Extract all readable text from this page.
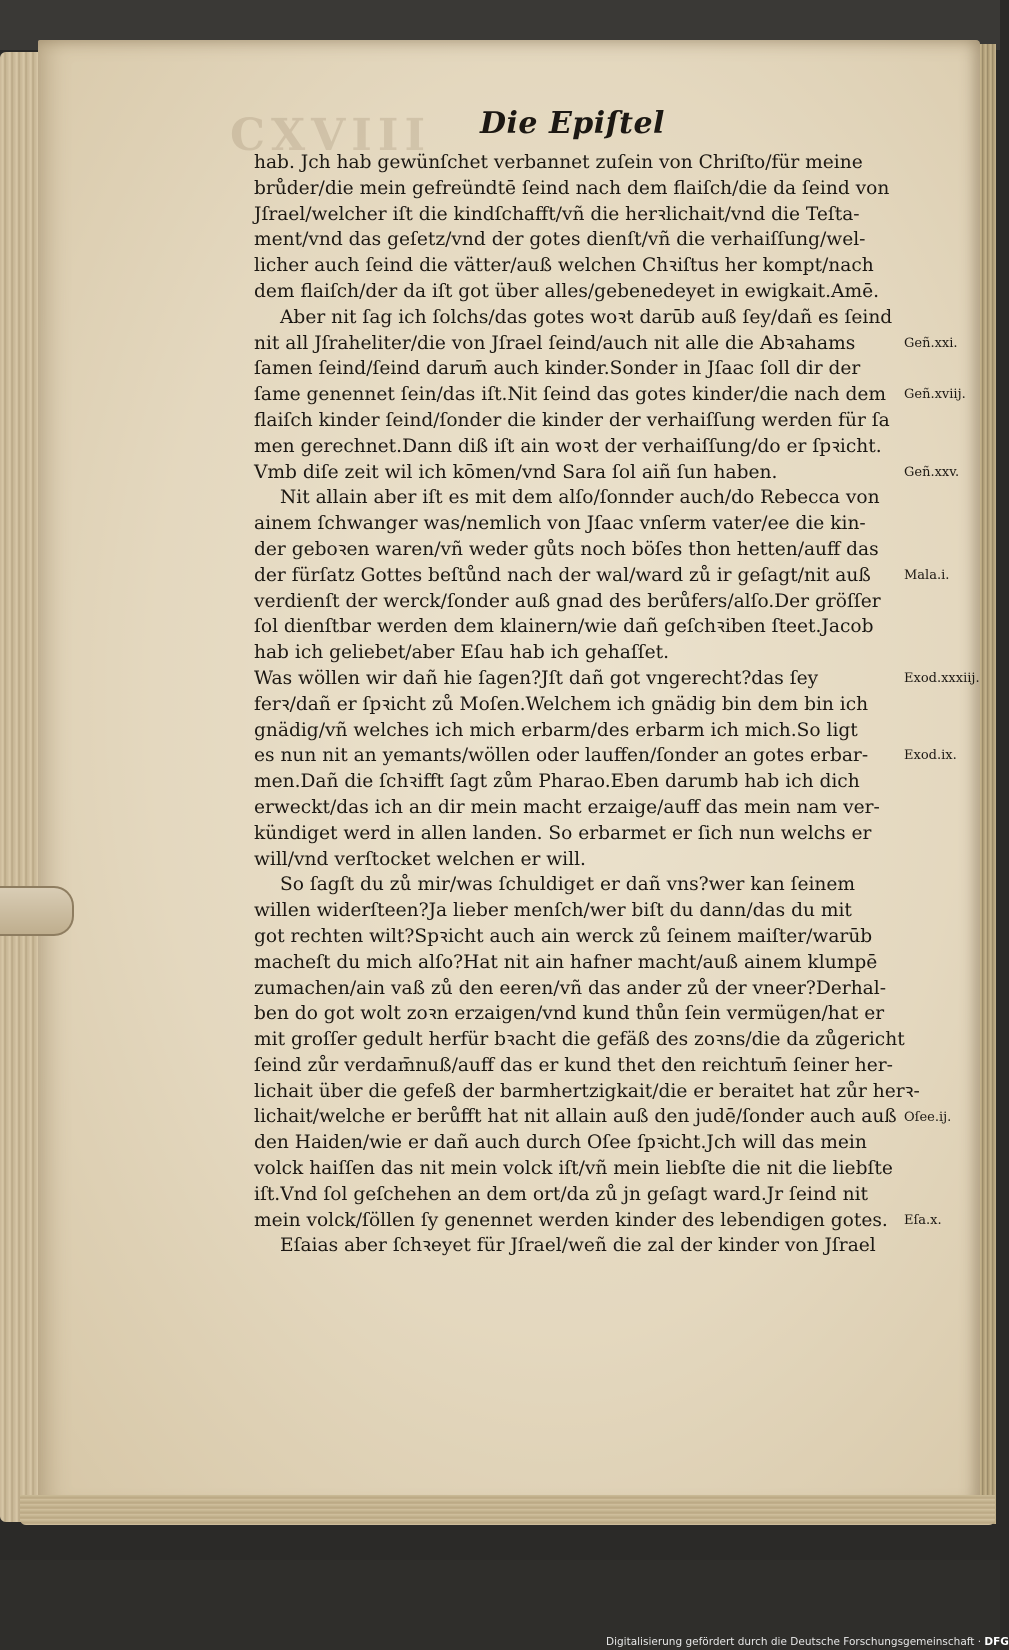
CXVIII	Die Epiſtel
hab. Jch hab gewünſchet verbannet zuſein von Chriſto/für meine
brůder/die mein gefreündtē ſeind nach dem flaiſch/die da ſeind von
Jſrael/welcher iſt die kindſchafft/vñ die herꝛlichait/vnd die Teſta-
ment/vnd das geſetz/vnd der gotes dienſt/vñ die verhaiſſung/wel-
licher auch ſeind die vätter/auß welchen Chꝛiſtus her kompt/nach
dem flaiſch/der da iſt got über alles/gebenedeyet in ewigkait.Amē.
Aber nit ſag ich ſolchs/das gotes woꝛt darūb auß ſey/dañ es ſeind
nit all Jſraheliter/die von Jſrael ſeind/auch nit alle die Abꝛahams
ſamen ſeind/ſeind darum̄ auch kinder.Sonder in Jſaac ſoll dir der
ſame genennet ſein/das iſt.Nit ſeind das gotes kinder/die nach dem
flaiſch kinder ſeind/ſonder die kinder der verhaiſſung werden für ſa
men gerechnet.Dann diß iſt ain woꝛt der verhaiſſung/do er ſpꝛicht.
Vmb diſe zeit wil ich kōmen/vnd Sara ſol aiñ ſun haben.
Nit allain aber iſt es mit dem alſo/ſonnder auch/do Rebecca von
ainem ſchwanger was/nemlich von Jſaac vnſerm vater/ee die kin-
der geboꝛen waren/vñ weder gůts noch böſes thon hetten/auff das
der fürſatz Gottes beſtůnd nach der wal/ward zů ir geſagt/nit auß
verdienſt der werck/ſonder auß gnad des berůfers/alſo.Der gröſſer
ſol dienſtbar werden dem klainern/wie dañ geſchꝛiben ſteet.Jacob
hab ich geliebet/aber Eſau hab ich gehaſſet.
Was wöllen wir dañ hie ſagen?Jſt dañ got vngerecht?das ſey
ferꝛ/dañ er ſpꝛicht zů Moſen.Welchem ich gnädig bin dem bin ich
gnädig/vñ welches ich mich erbarm/des erbarm ich mich.So ligt
es nun nit an yemants/wöllen oder lauffen/ſonder an gotes erbar-
men.Dañ die ſchꝛifft ſagt zům Pharao.Eben darumb hab ich dich
erweckt/das ich an dir mein macht erzaige/auff das mein nam ver-
kündiget werd in allen landen. So erbarmet er ſich nun welchs er
will/vnd verſtocket welchen er will.
So ſagſt du zů mir/was ſchuldiget er dañ vns?wer kan ſeinem
willen widerſteen?Ja lieber menſch/wer biſt du dann/das du mit
got rechten wilt?Spꝛicht auch ain werck zů ſeinem maiſter/warūb
macheſt du mich alſo?Hat nit ain hafner macht/auß ainem klumpē
zumachen/ain vaß zů den eeren/vñ das ander zů der vneer?Derhal-
ben do got wolt zoꝛn erzaigen/vnd kund thůn ſein vermügen/hat er
mit groſſer gedult herfür bꝛacht die gefäß des zoꝛns/die da zůgericht
ſeind zůr verdam̄nuß/auff das er kund thet den reichtum̄ ſeiner her-
lichait über die gefeß der barmhertzigkait/die er beraitet hat zůr herꝛ-
lichait/welche er berůfft hat nit allain auß den judē/ſonder auch auß
den Haiden/wie er dañ auch durch Oſee ſpꝛicht.Jch will das mein
volck haiſſen das nit mein volck iſt/vñ mein liebſte die nit die liebſte
iſt.Vnd ſol geſchehen an dem ort/da zů jn geſagt ward.Jr ſeind nit
mein volck/ſöllen ſy genennet werden kinder des lebendigen gotes.
Eſaias aber ſchꝛeyet für Jſrael/weñ die zal der kinder von Jſrael
Geñ.xxi.
Geñ.xviij.
Geñ.xxv.
Mala.i.
Exod.xxxiij.
Exod.ix.
Oſee.ij.
Eſa.x.
Digitalisierung gefördert durch die Deutsche Forschungsgemeinschaft · DFG
